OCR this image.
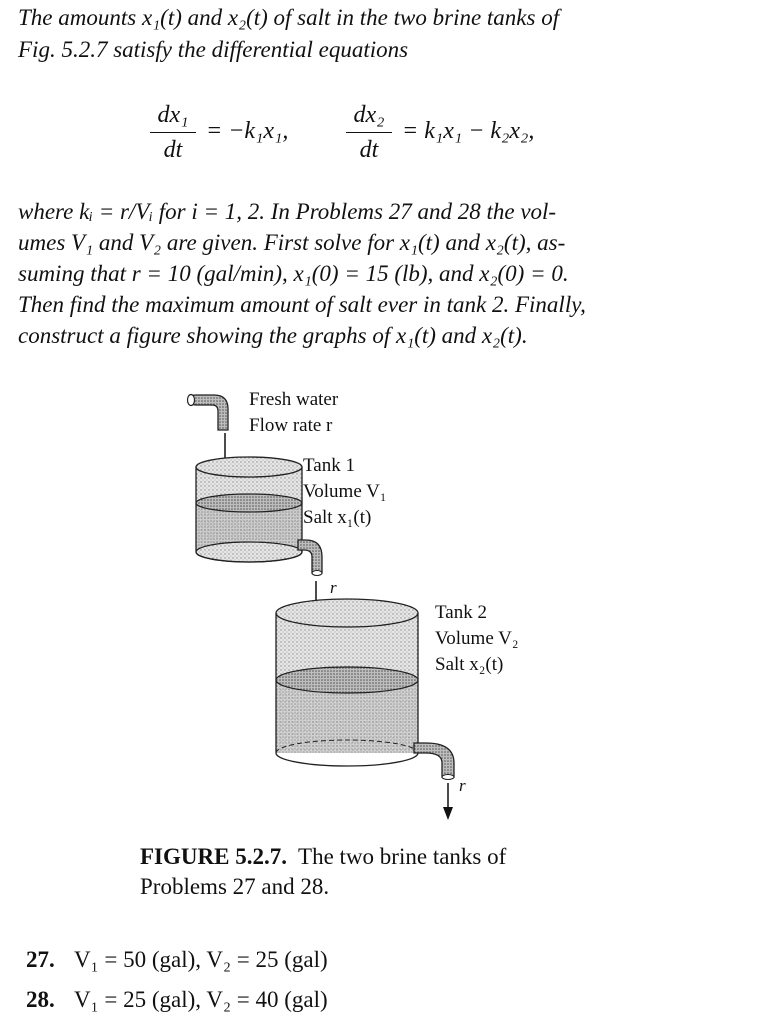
The amounts x₁(t) and x₂(t) of salt in the two brine tanks of
Fig. 5.2.7 satisfy the differential equations
dx₁
dt
= −k₁x₁,
dx₂
dt
= k₁x₁ − k₂x₂,
where kᵢ = r/Vᵢ for i = 1, 2. In Problems 27 and 28 the vol-
umes V₁ and V₂ are given. First solve for x₁(t) and x₂(t), as-
suming that r = 10 (gal/min), x₁(0) = 15 (lb), and x₂(0) = 0.
Then find the maximum amount of salt ever in tank 2. Finally,
construct a figure showing the graphs of x₁(t) and x₂(t).
Fresh water
Flow rate r
Tank 1
Volume V₁
Salt x₁(t)
r
Tank 2
Volume V₂
Salt x₂(t)
r
FIGURE 5.2.7. The two brine tanks of
Problems 27 and 28.
27. V₁ = 50 (gal), V₂ = 25 (gal)
28. V₁ = 25 (gal), V₂ = 40 (gal)
